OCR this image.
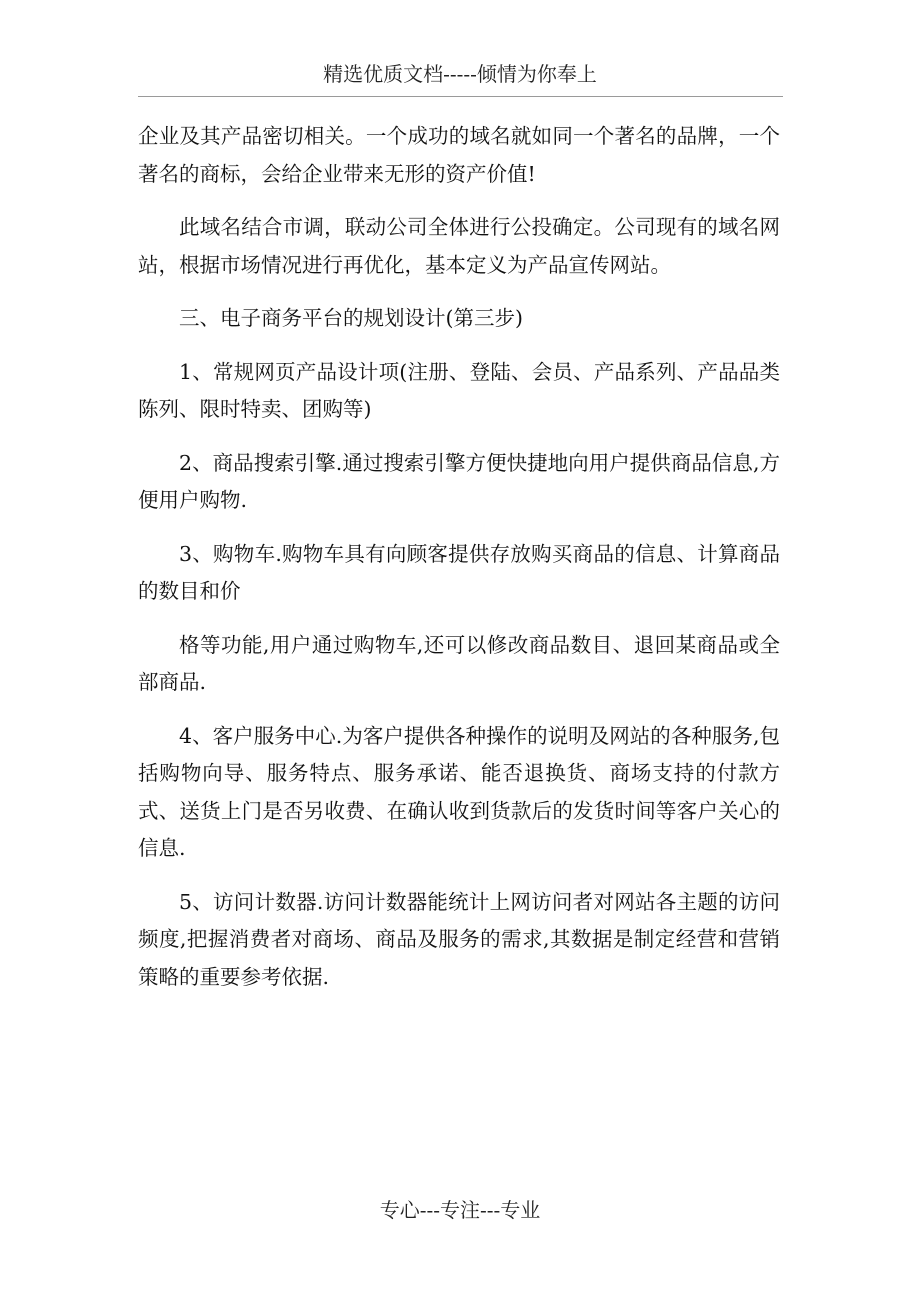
精选优质文档-----倾情为你奉上

企业及其产品密切相关。一个成功的域名就如同一个著名的品牌，一个著名的商标，会给企业带来无形的资产价值!

此域名结合市调，联动公司全体进行公投确定。公司现有的域名网站，根据市场情况进行再优化，基本定义为产品宣传网站。

三、电子商务平台的规划设计(第三步)

1、常规网页产品设计项(注册、登陆、会员、产品系列、产品品类陈列、限时特卖、团购等)

2、商品搜索引擎.通过搜索引擎方便快捷地向用户提供商品信息,方便用户购物.

3、购物车.购物车具有向顾客提供存放购买商品的信息、计算商品的数目和价

格等功能,用户通过购物车,还可以修改商品数目、退回某商品或全部商品.

4、客户服务中心.为客户提供各种操作的说明及网站的各种服务,包括购物向导、服务特点、服务承诺、能否退换货、商场支持的付款方式、送货上门是否另收费、在确认收到货款后的发货时间等客户关心的信息.

5、访问计数器.访问计数器能统计上网访问者对网站各主题的访问频度,把握消费者对商场、商品及服务的需求,其数据是制定经营和营销策略的重要参考依据.

专心---专注---专业
